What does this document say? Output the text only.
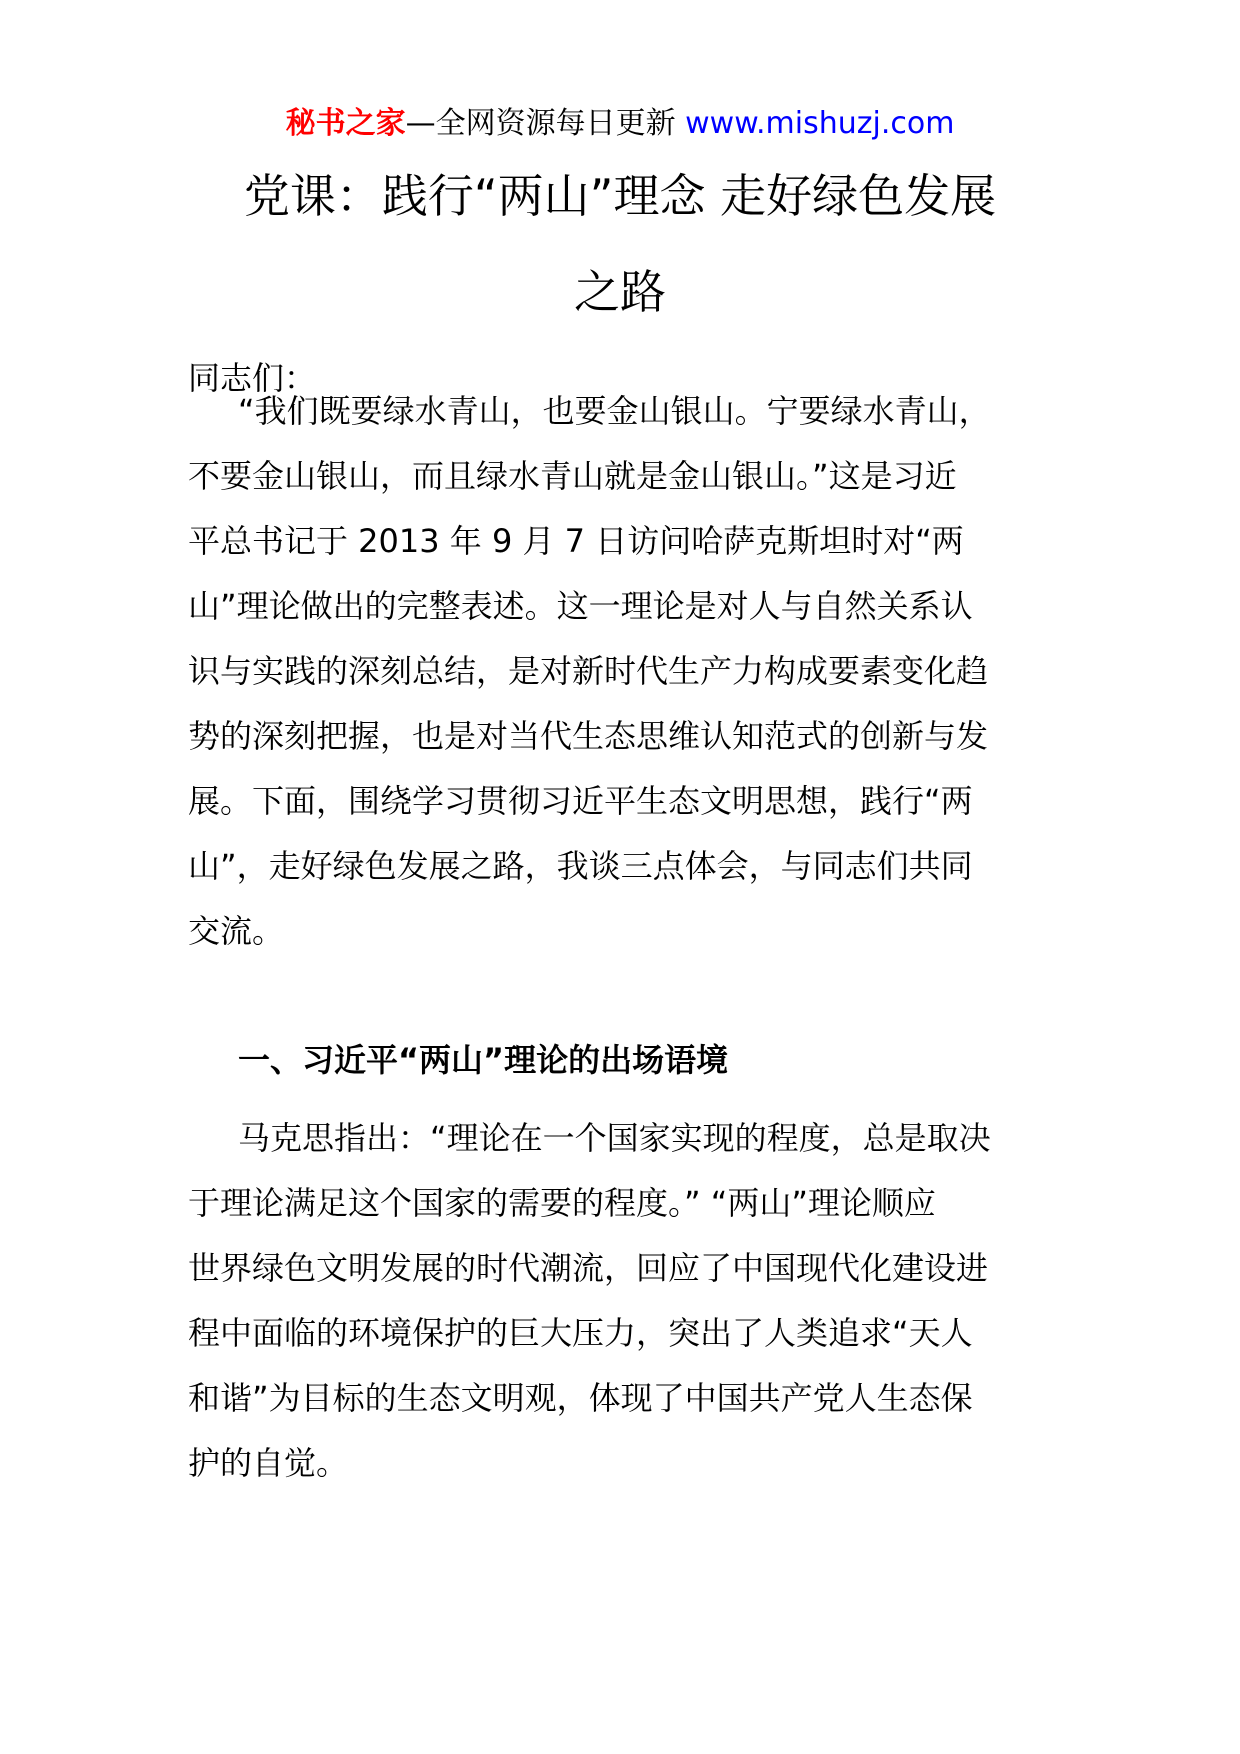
秘书之家—全网资源每日更新 www.mishuzj.com
党课：践行“两山”理念 走好绿色发展
之路
同志们：
“我们既要绿水青山，也要金山银山。宁要绿水青山，
不要金山银山，而且绿水青山就是金山银山。”这是习近
平总书记于 2013 年 9 月 7 日访问哈萨克斯坦时对“两
山”理论做出的完整表述。这一理论是对人与自然关系认
识与实践的深刻总结，是对新时代生产力构成要素变化趋
势的深刻把握，也是对当代生态思维认知范式的创新与发
展。下面，围绕学习贯彻习近平生态文明思想，践行“两
山”，走好绿色发展之路，我谈三点体会，与同志们共同
交流。
一、习近平“两山”理论的出场语境
马克思指出：“理论在一个国家实现的程度，总是取决
于理论满足这个国家的需要的程度。” “两山”理论顺应
世界绿色文明发展的时代潮流，回应了中国现代化建设进
程中面临的环境保护的巨大压力，突出了人类追求“天人
和谐”为目标的生态文明观，体现了中国共产党人生态保
护的自觉。
